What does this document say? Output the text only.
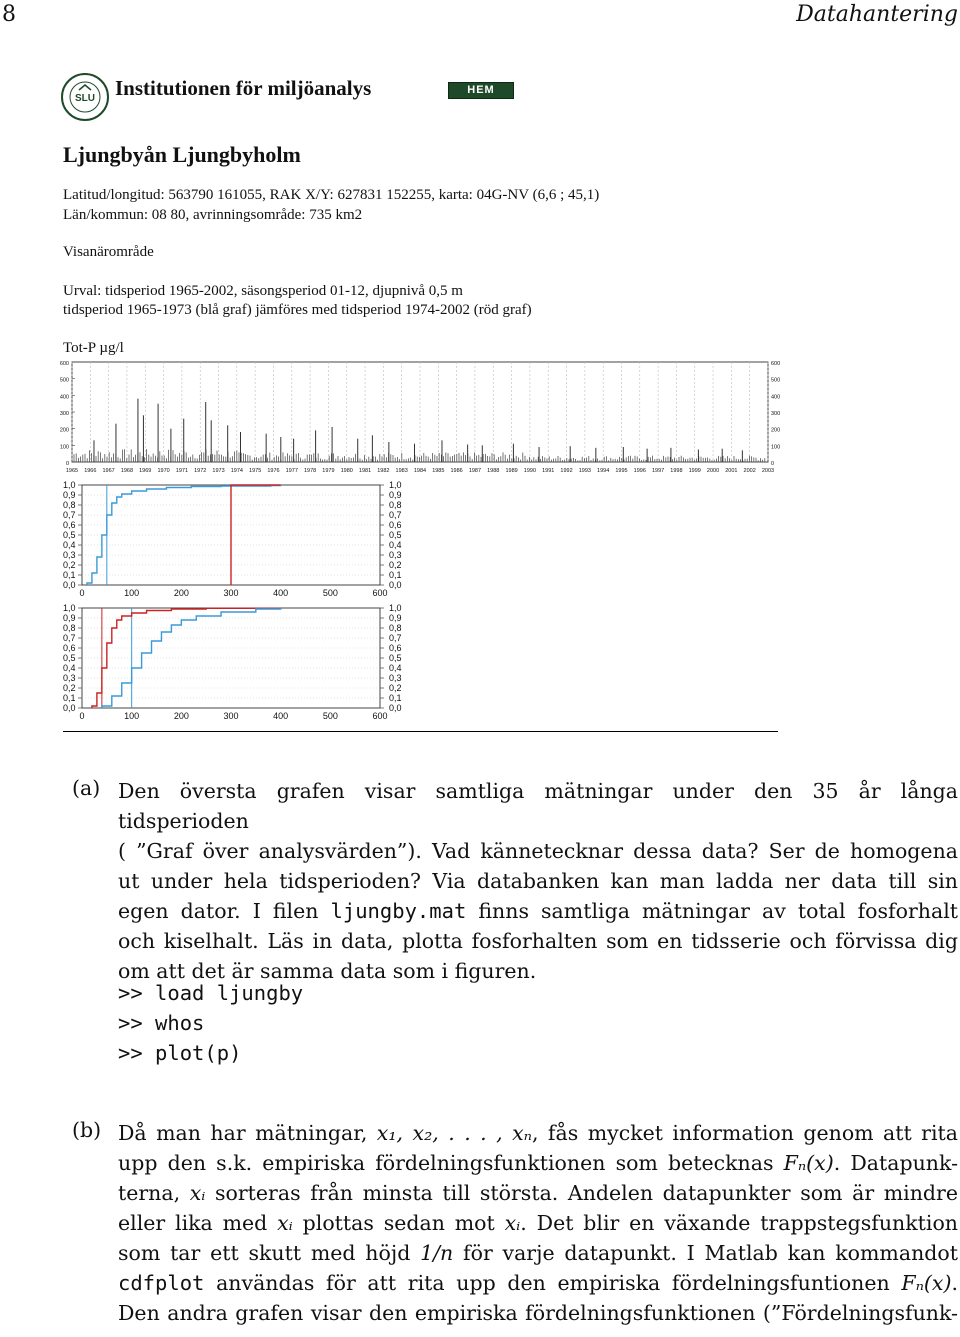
8	Datahantering
SLU Institutionen för miljöanalys	HEM
Ljungbyån Ljungbyholm
Latitud/longitud: 563790 161055, RAK X/Y: 627831 152255, karta: 04G-NV (6,6 ; 45,1)
Län/kommun: 08 80, avrinningsområde: 735 km2
Visanärområde
Urval: tidsperiod 1965-2002, säsongsperiod 01-12, djupnivå 0,5 m
tidsperiod 1965-1973 (blå graf) jämföres med tidsperiod 1974-2002 (röd graf)
Tot-P µg/l
1965 1966 1967 1968 1969 1970 1971 1972 1973 1974 1975 1976 1977 1978 1979 1980 1981 1982 1983 1984 1985 1986 1987 1988 1989 1990 1991 1992 1993 1994 1995 1996 1997 1998 1999 2000 2001 2002 2003
600	600
500	500
400	400
300	300
200	200
100	100
0	0
0	100	200	300	400	500	600
1,0	1,0
0,9	0,9
0,8	0,8
0,7	0,7
0,6	0,6
0,5	0,5
0,4	0,4
0,3	0,3
0,2	0,2
0,1	0,1
0,0	0,0
0	100	200	300	400	500	600
1,0	1,0
0,9	0,9
0,8	0,8
0,7	0,7
0,6	0,6
0,5	0,5
0,4	0,4
0,3	0,3
0,2	0,2
0,1	0,1
0,0	0,0
(a) Den översta grafen visar samtliga mätningar under den 35 år långa tidsperioden
( ”Graf över analysvärden”). Vad kännetecknar dessa data? Ser de homogena
ut under hela tidsperioden? Via databanken kan man ladda ner data till sin
egen dator. I filen ljungby.mat finns samtliga mätningar av total fosforhalt
och kiselhalt. Läs in data, plotta fosforhalten som en tidsserie och förvissa dig
om att det är samma data som i figuren.
>> load ljungby
>> whos
>> plot(p)
(b) Då man har mätningar, x₁, x₂, . . . , xₙ, fås mycket information genom att rita
upp den s.k. empiriska fördelningsfunktionen som betecknas Fₙ(x). Datapunk-
terna, xᵢ sorteras från minsta till största. Andelen datapunkter som är mindre
eller lika med xᵢ plottas sedan mot xᵢ. Det blir en växande trappstegsfunktion
som tar ett skutt med höjd 1/n för varje datapunkt. I Matlab kan kommandot
cdfplot användas för att rita upp den empiriska fördelningsfuntionen Fₙ(x).
Den andra grafen visar den empiriska fördelningsfunktionen (”Fördelningsfunk-
